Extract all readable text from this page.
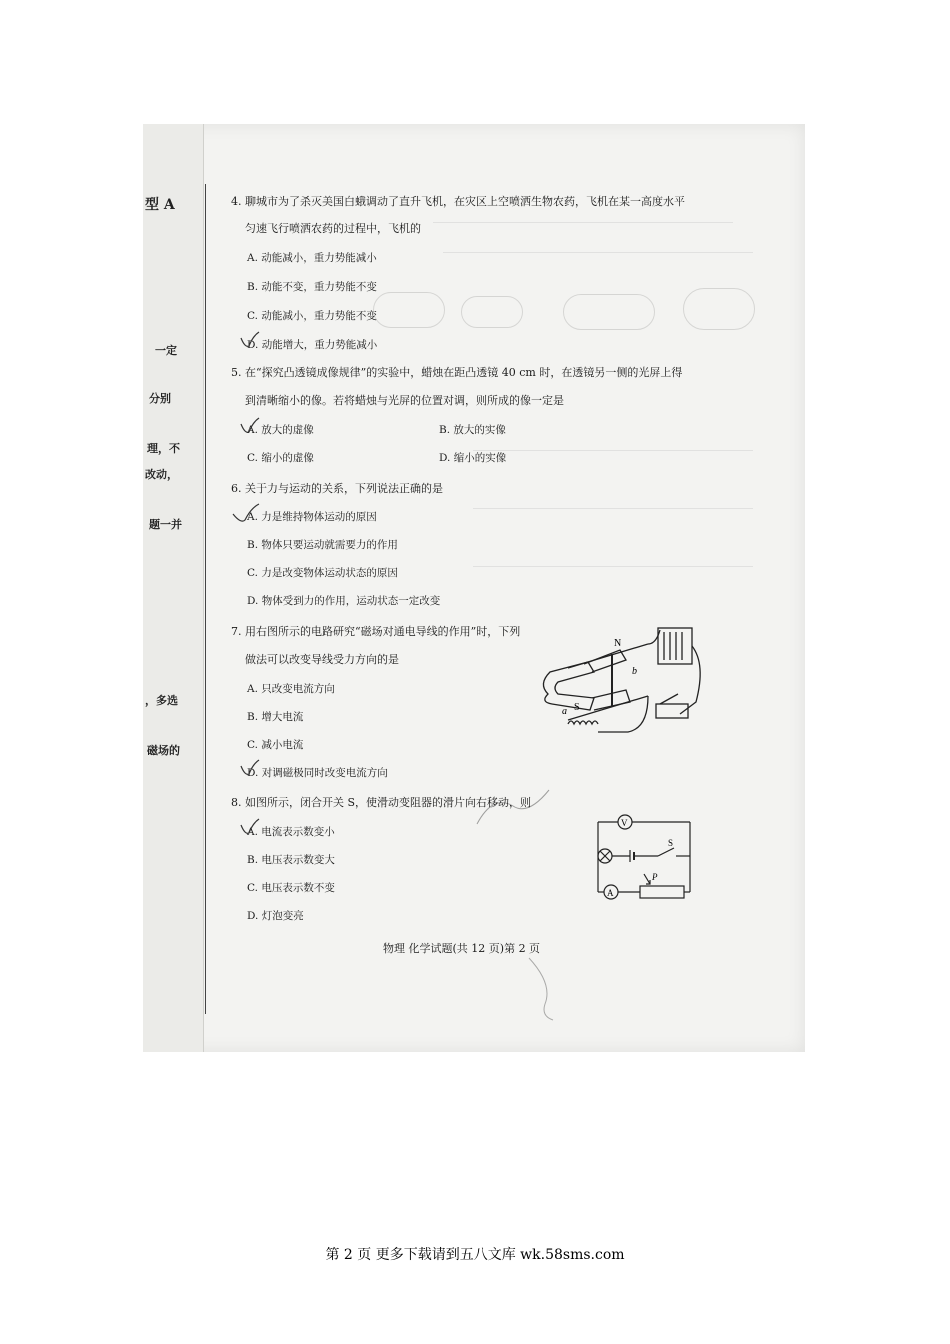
型 A
一定
分别
理，不
改动，
题一并
，多选
磁场的
4. 聊城市为了杀灭美国白蛾调动了直升飞机，在灾区上空喷洒生物农药，飞机在某一高度水平
匀速飞行喷洒农药的过程中，飞机的
A. 动能减小，重力势能减小
B. 动能不变，重力势能不变
C. 动能减小，重力势能不变
D. 动能增大，重力势能减小
5. 在“探究凸透镜成像规律”的实验中，蜡烛在距凸透镜 40 cm 时，在透镜另一侧的光屏上得
到清晰缩小的像。若将蜡烛与光屏的位置对调，则所成的像一定是
A. 放大的虚像	B. 放大的实像
C. 缩小的虚像	D. 缩小的实像
6. 关于力与运动的关系，下列说法正确的是
A. 力是维持物体运动的原因
B. 物体只要运动就需要力的作用
C. 力是改变物体运动状态的原因
D. 物体受到力的作用，运动状态一定改变
7. 用右图所示的电路研究“磁场对通电导线的作用”时，下列
做法可以改变导线受力方向的是
A. 只改变电流方向
B. 增大电流
C. 减小电流
D. 对调磁极同时改变电流方向
N
b
S
a
8. 如图所示，闭合开关 S，使滑动变阻器的滑片向右移动，则
A. 电流表示数变小
B. 电压表示数变大
C. 电压表示数不变
D. 灯泡变亮
V
A
S
P
物理 化学试题(共 12 页)第 2 页
第 2 页 更多下载请到五八文库 wk.58sms.com
